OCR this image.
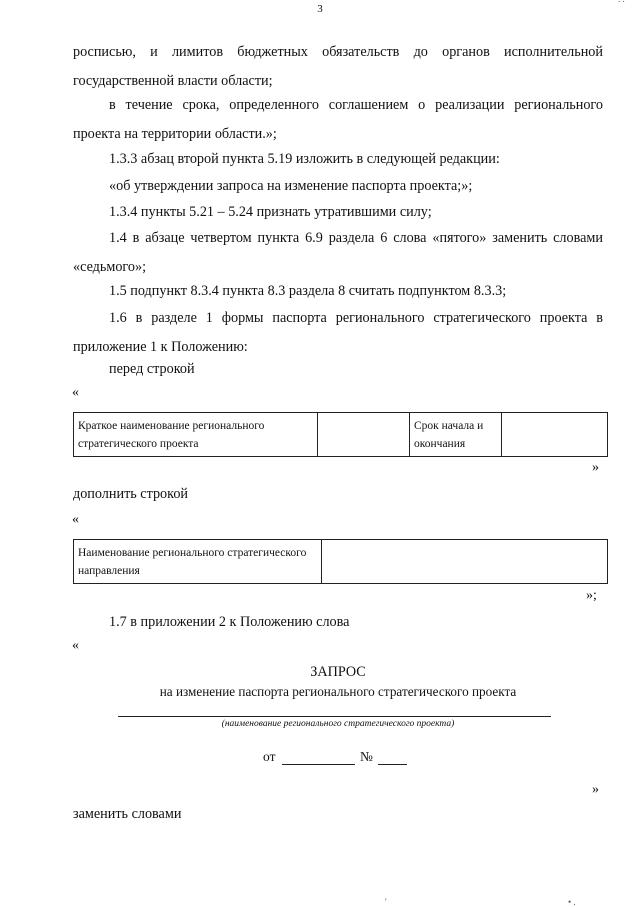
3

росписью, и лимитов бюджетных обязательств до органов исполнительной государственной власти области;

в течение срока, определенного соглашением о реализации регионального проекта на территории области.»;

1.3.3 абзац второй пункта 5.19 изложить в следующей редакции:

«об утверждении запроса на изменение паспорта проекта;»;

1.3.4 пункты 5.21 – 5.24 признать утратившими силу;

1.4 в абзаце четвертом пункта 6.9 раздела 6 слова «пятого» заменить словами «седьмого»;

1.5 подпункт 8.3.4 пункта 8.3 раздела 8 считать подпунктом 8.3.3;

1.6 в разделе 1 формы паспорта регионального стратегического проекта в приложение 1 к Положению:

перед строкой

«
Краткое наименование регионального стратегического проекта		Срок начала и окончания	
»

дополнить строкой

«
Наименование регионального стратегического направления	
»;

1.7 в приложении 2 к Положению слова

«
ЗАПРОС
на изменение паспорта регионального стратегического проекта
(наименование регионального стратегического проекта)
от	№
»

заменить словами

'	• .
